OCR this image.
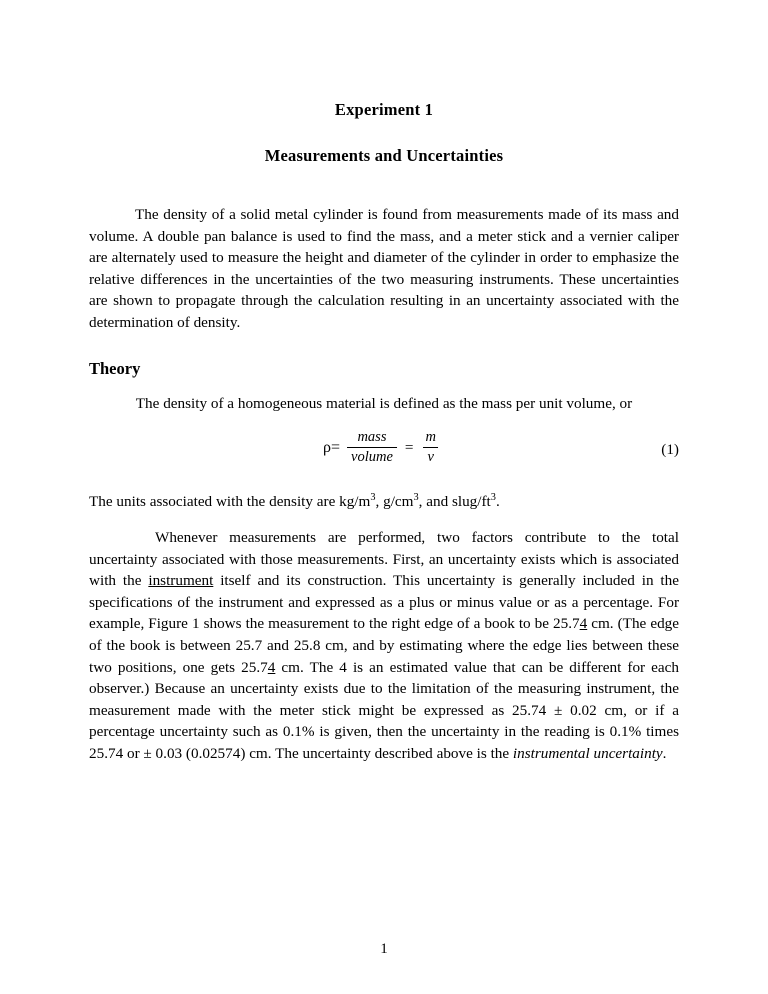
Experiment 1
Measurements and Uncertainties

The density of a solid metal cylinder is found from measurements made of its mass and volume. A double pan balance is used to find the mass, and a meter stick and a vernier caliper are alternately used to measure the height and diameter of the cylinder in order to emphasize the relative differences in the uncertainties of the two measuring instruments. These uncertainties are shown to propagate through the calculation resulting in an uncertainty associated with the determination of density.

Theory

The density of a homogeneous material is defined as the mass per unit volume, or

$\rho= \frac{\text{mass}}{\text{volume}} = \frac{m}{v}$	(1)

The units associated with the density are $kg/m^3$, $g/cm^3$, and slug/$ft^3$.

Whenever measurements are performed, two factors contribute to the total uncertainty associated with those measurements. First, an uncertainty exists which is associated with the instrument itself and its construction. This uncertainty is generally included in the specifications of the instrument and expressed as a plus or minus value or as a percentage. For example, Figure 1 shows the measurement to the right edge of a book to be 25.74 cm. (The edge of the book is between 25.7 and 25.8 cm, and by estimating where the edge lies between these two positions, one gets 25.74 cm. The 4 is an estimated value that can be different for each observer.) Because an uncertainty exists due to the limitation of the measuring instrument, the measurement made with the meter stick might be expressed as 25.74 ± 0.02 cm, or if a percentage uncertainty such as 0.1% is given, then the uncertainty in the reading is 0.1% times 25.74 or ± 0.03 (0.02574) cm. The uncertainty described above is the instrumental uncertainty.

1
